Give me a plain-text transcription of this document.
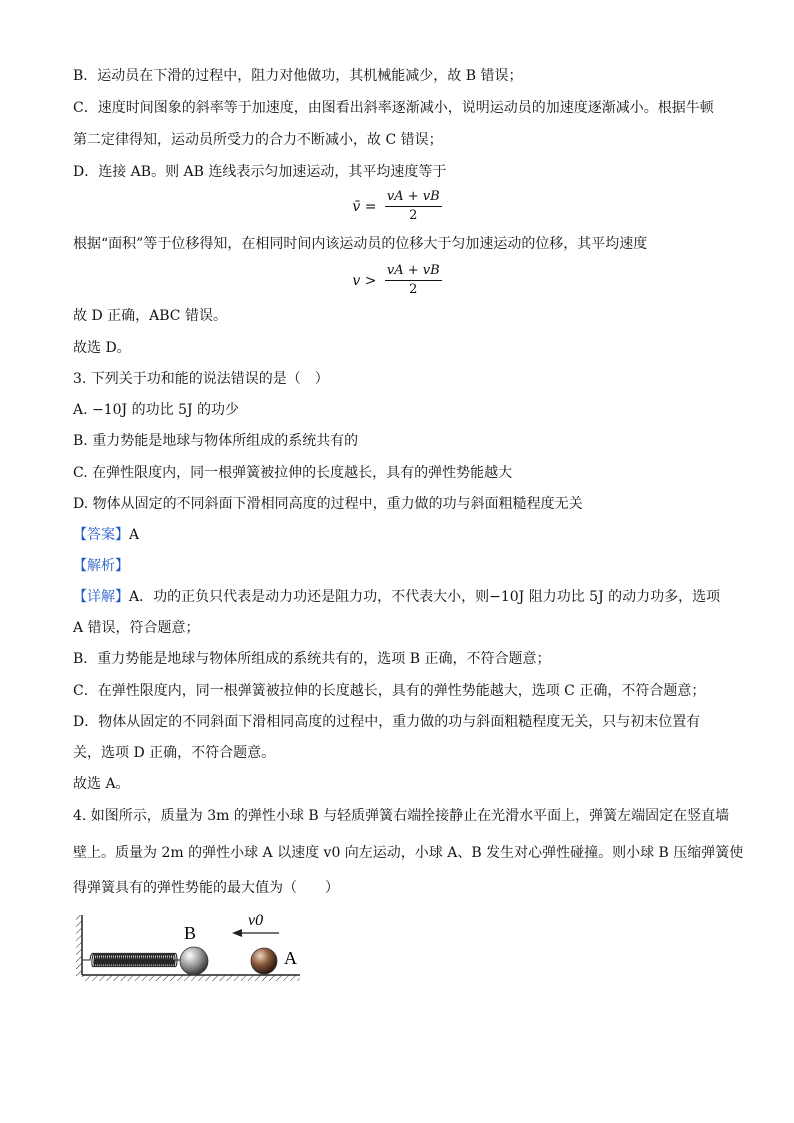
B．运动员在下滑的过程中，阻力对他做功，其机械能减少，故 B 错误；
C．速度时间图象的斜率等于加速度，由图看出斜率逐渐减小，说明运动员的加速度逐渐减小。根据牛顿
第二定律得知，运动员所受力的合力不断减小，故 C 错误；
D．连接 AB。则 AB 连线表示匀加速运动，其平均速度等于
v̄ = $\frac{vA + vB}{2}$
根据“面积”等于位移得知，在相同时间内该运动员的位移大于匀加速运动的位移，其平均速度
$v > \frac{vA + vB}{2}$
故 D 正确，ABC 错误。
故选 D。
3. 下列关于功和能的说法错误的是（　）
A. −10J 的功比 5J 的功少
B. 重力势能是地球与物体所组成的系统共有的
C. 在弹性限度内，同一根弹簧被拉伸的长度越长，具有的弹性势能越大
D. 物体从固定的不同斜面下滑相同高度的过程中，重力做的功与斜面粗糙程度无关
【答案】A
【解析】
【详解】A．功的正负只代表是动力功还是阻力功，不代表大小，则−10J 阻力功比 5J 的动力功多，选项
A 错误，符合题意；
B．重力势能是地球与物体所组成的系统共有的，选项 B 正确，不符合题意；
C．在弹性限度内，同一根弹簧被拉伸的长度越长，具有的弹性势能越大，选项 C 正确，不符合题意；
D．物体从固定的不同斜面下滑相同高度的过程中，重力做的功与斜面粗糙程度无关，只与初末位置有
关，选项 D 正确，不符合题意。
故选 A。
4. 如图所示，质量为 3m 的弹性小球 B 与轻质弹簧右端拴接静止在光滑水平面上，弹簧左端固定在竖直墙
壁上。质量为 2m 的弹性小球 A 以速度 v0 向左运动，小球 A、B 发生对心弹性碰撞。则小球 B 压缩弹簧使
得弹簧具有的弹性势能的最大值为（　　）
B
A
v0
